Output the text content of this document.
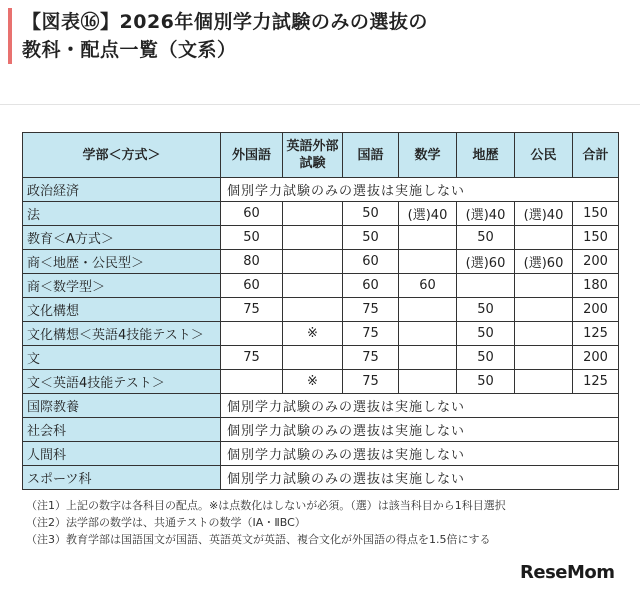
【図表⑯】2026年個別学力試験のみの選抜の
教科・配点一覧（文系）
学部＜方式＞	外国語	英語外部試験	国語	数学	地歴	公民	合計
政治経済	個別学力試験のみの選抜は実施しない						
法	60		50	(選)40	(選)40	(選)40	150
教育＜A方式＞	50		50		50		150
商＜地歴・公民型＞	80		60		(選)60	(選)60	200
商＜数学型＞	60		60	60			180
文化構想	75		75		50		200
文化構想＜英語4技能テスト＞		※	75		50		125
文	75		75		50		200
文＜英語4技能テスト＞		※	75		50		125
国際教養	個別学力試験のみの選抜は実施しない						
社会科	個別学力試験のみの選抜は実施しない						
人間科	個別学力試験のみの選抜は実施しない						
スポーツ科	個別学力試験のみの選抜は実施しない						
（注1）上記の数字は各科目の配点。※は点数化はしないが必須。（選）は該当科目から1科目選択
（注2）法学部の数学は、共通テストの数学（ⅠA・ⅡBC）
（注3）教育学部は国語国文が国語、英語英文が英語、複合文化が外国語の得点を1.5倍にする
ReseMom
